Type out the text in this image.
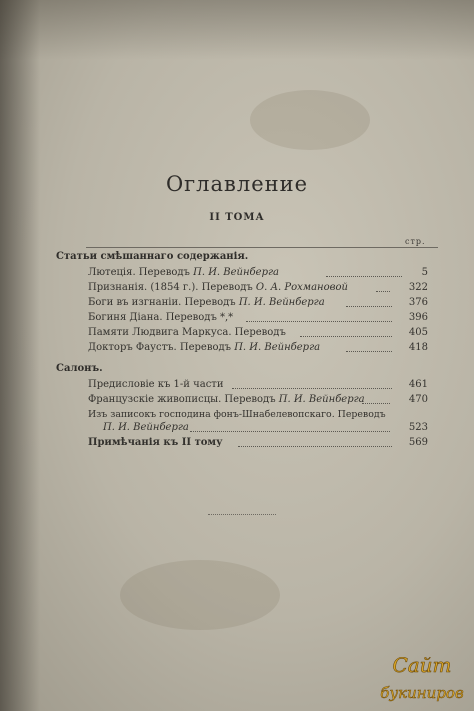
Оглавление
II ТОМА
стр.
Статьи смѣшаннаго содержанія.
Лютеція. Переводъ П. И. Вейнберга	5
Признанія. (1854 г.). Переводъ О. А. Рохмановой	322
Боги въ изгнаніи. Переводъ П. И. Вейнберга	376
Богиня Діана. Переводъ *,*	396
Памяти Людвига Маркуса. Переводъ	405
Докторъ Фаустъ. Переводъ П. И. Вейнберга	418
Салонъ.
Предисловіе къ 1-й части	461
Французскіе живописцы. Переводъ П. И. Вейнберга	470
Изъ записокъ господина фонъ-Шнабелевопскаго. Переводъ
П. И. Вейнберга	523
Примѣчанія къ II тому	569
Сайт
букиниров
